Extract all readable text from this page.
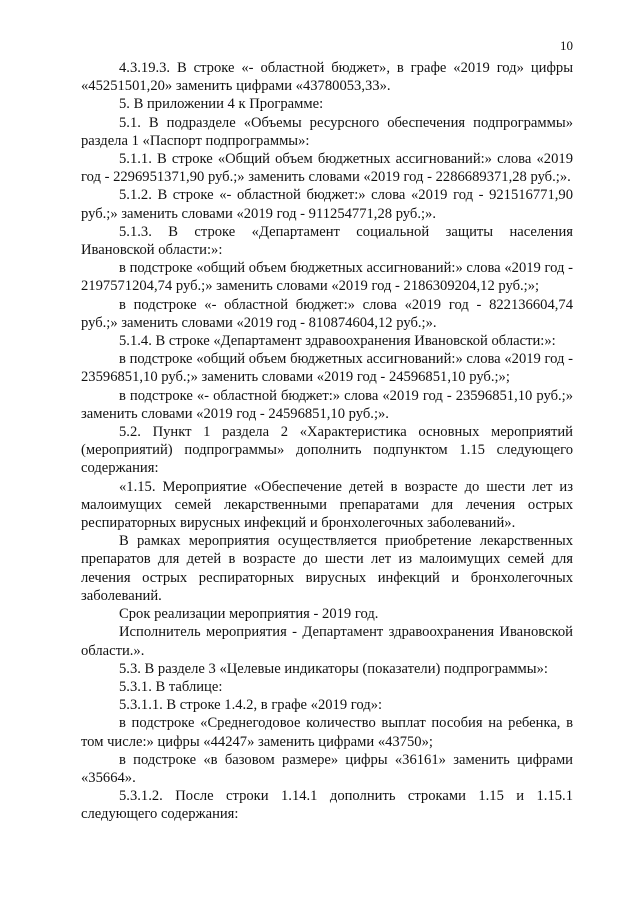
10

4.3.19.3. В строке «- областной бюджет», в графе «2019 год» цифры «45251501,20» заменить цифрами «43780053,33».

5. В приложении 4 к Программе:

5.1. В подразделе «Объемы ресурсного обеспечения подпрограммы» раздела 1 «Паспорт подпрограммы»:

5.1.1. В строке «Общий объем бюджетных ассигнований:» слова «2019 год - 2296951371,90 руб.;» заменить словами «2019 год - 2286689371,28 руб.;».

5.1.2. В строке «- областной бюджет:» слова «2019 год - 921516771,90 руб.;» заменить словами «2019 год - 911254771,28 руб.;».

5.1.3. В строке «Департамент социальной защиты населения Ивановской области:»:

в подстроке «общий объем бюджетных ассигнований:» слова «2019 год - 2197571204,74 руб.;» заменить словами «2019 год - 2186309204,12 руб.;»;

в подстроке «- областной бюджет:» слова «2019 год - 822136604,74 руб.;» заменить словами «2019 год - 810874604,12 руб.;».

5.1.4. В строке «Департамент здравоохранения Ивановской области:»:

в подстроке «общий объем бюджетных ассигнований:» слова «2019 год - 23596851,10 руб.;» заменить словами «2019 год - 24596851,10 руб.;»;

в подстроке «- областной бюджет:» слова «2019 год - 23596851,10 руб.;» заменить словами «2019 год - 24596851,10 руб.;».

5.2. Пункт 1 раздела 2 «Характеристика основных мероприятий (мероприятий) подпрограммы» дополнить подпунктом 1.15 следующего содержания:

«1.15. Мероприятие «Обеспечение детей в возрасте до шести лет из малоимущих семей лекарственными препаратами для лечения острых респираторных вирусных инфекций и бронхолегочных заболеваний».

В рамках мероприятия осуществляется приобретение лекарственных препаратов для детей в возрасте до шести лет из малоимущих семей для лечения острых респираторных вирусных инфекций и бронхолегочных заболеваний.

Срок реализации мероприятия - 2019 год.

Исполнитель мероприятия - Департамент здравоохранения Ивановской области.».

5.3. В разделе 3 «Целевые индикаторы (показатели) подпрограммы»:

5.3.1. В таблице:

5.3.1.1. В строке 1.4.2, в графе «2019 год»:

в подстроке «Среднегодовое количество выплат пособия на ребенка, в том числе:» цифры «44247» заменить цифрами «43750»;

в подстроке «в базовом размере» цифры «36161» заменить цифрами «35664».

5.3.1.2. После строки 1.14.1 дополнить строками 1.15 и 1.15.1 следующего содержания:
